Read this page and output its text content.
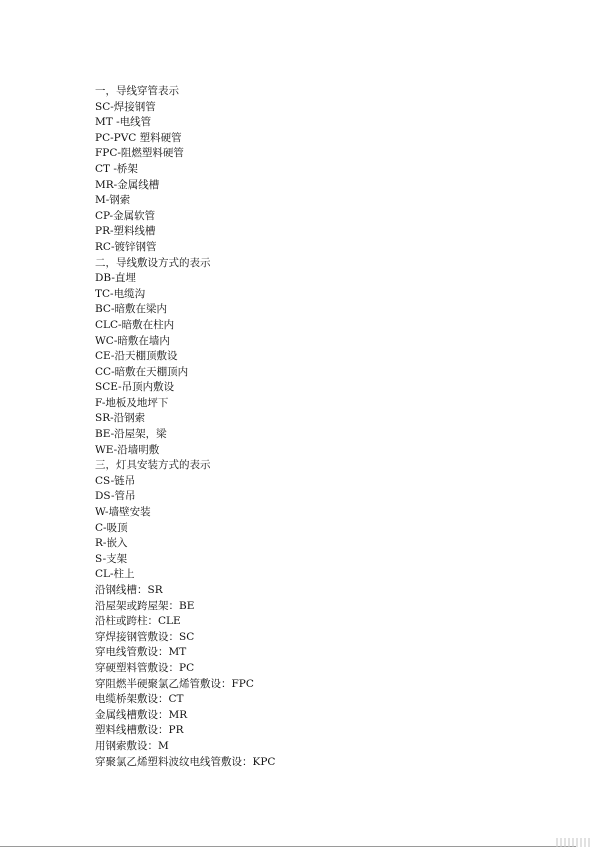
一，导线穿管表示
SC-焊接钢管
MT -电线管
PC-PVC 塑料硬管
FPC-阻燃塑料硬管
CT -桥架
MR-金属线槽
M-钢索
CP-金属软管
PR-塑料线槽
RC-镀锌钢管
二，导线敷设方式的表示
DB-直埋
TC-电缆沟
BC-暗敷在梁内
CLC-暗敷在柱内
WC-暗敷在墙内
CE-沿天棚顶敷设
CC-暗敷在天棚顶内
SCE-吊顶内敷设
F-地板及地坪下
SR-沿钢索
BE-沿屋架，梁
WE-沿墙明敷
三，灯具安装方式的表示
CS-链吊
DS-管吊
W-墙壁安装
C-吸顶
R-嵌入
S-支架
CL-柱上
沿钢线槽：SR
沿屋架或跨屋架：BE
沿柱或跨柱：CLE
穿焊接钢管敷设：SC
穿电线管敷设：MT
穿硬塑料管敷设：PC
穿阻燃半硬聚氯乙烯管敷设：FPC
电缆桥架敷设：CT
金属线槽敷设：MR
塑料线槽敷设：PR
用钢索敷设：M
穿聚氯乙烯塑料波纹电线管敷设：KPC
